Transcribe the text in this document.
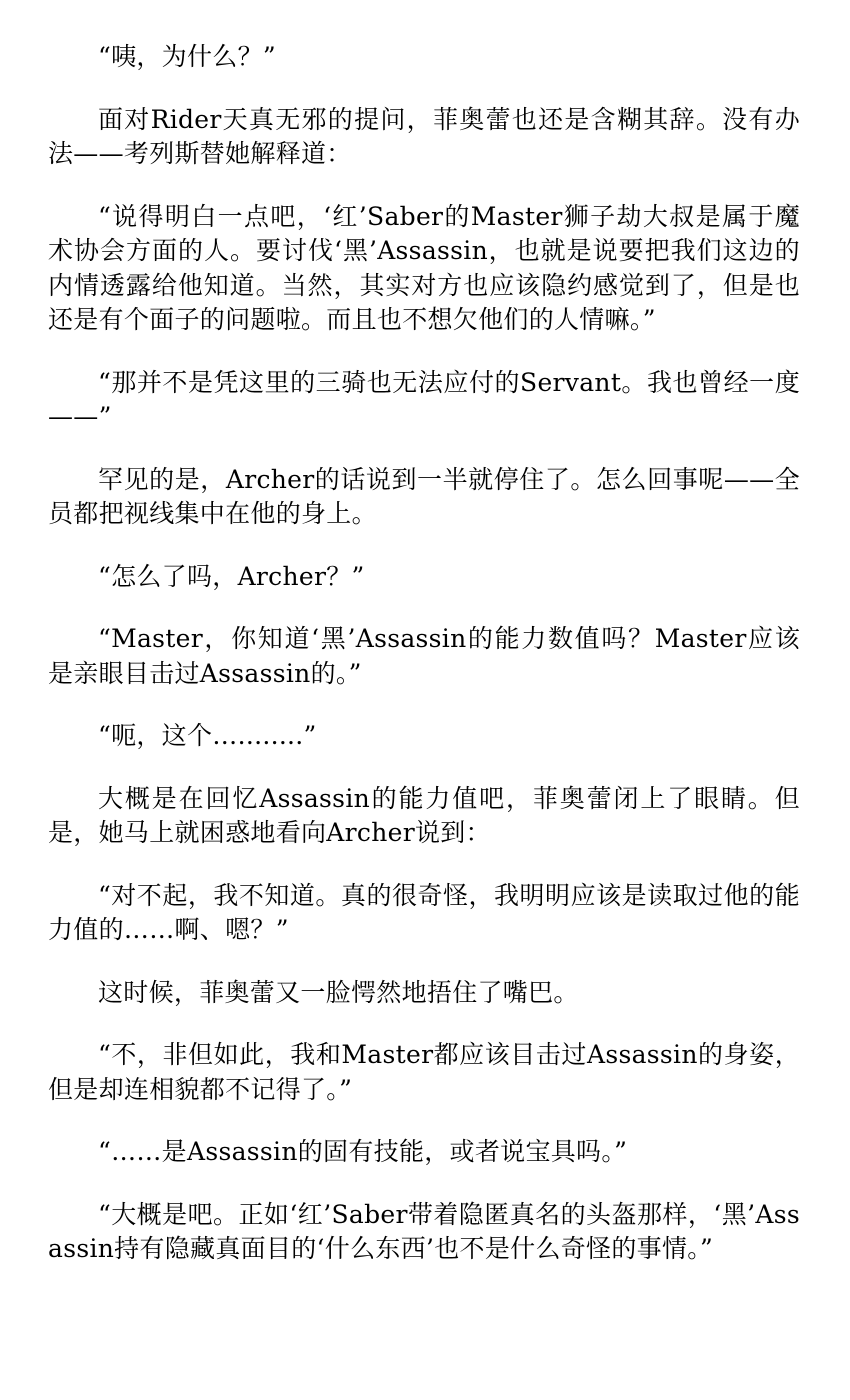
“咦，为什么？”

面对Rider天真无邪的提问，菲奥蕾也还是含糊其辞。没有办法——考列斯替她解释道：

“说得明白一点吧，‘红’Saber的Master狮子劫大叔是属于魔术协会方面的人。要讨伐‘黑’Assassin，也就是说要把我们这边的内情透露给他知道。当然，其实对方也应该隐约感觉到了，但是也还是有个面子的问题啦。而且也不想欠他们的人情嘛。”

“那并不是凭这里的三骑也无法应付的Servant。我也曾经一度——”

罕见的是，Archer的话说到一半就停住了。怎么回事呢——全员都把视线集中在他的身上。

“怎么了吗，Archer？”

“Master，你知道‘黑’Assassin的能力数值吗？Master应该是亲眼目击过Assassin的。”

“呃，这个…........”

大概是在回忆Assassin的能力值吧，菲奥蕾闭上了眼睛。但是，她马上就困惑地看向Archer说到：

“对不起，我不知道。真的很奇怪，我明明应该是读取过他的能力值的……啊、嗯？”

这时候，菲奥蕾又一脸愕然地捂住了嘴巴。

“不，非但如此，我和Master都应该目击过Assassin的身姿，但是却连相貌都不记得了。”

“……是Assassin的固有技能，或者说宝具吗。”

“大概是吧。正如‘红’Saber带着隐匿真名的头盔那样，‘黑’Assassin持有隐藏真面目的‘什么东西’也不是什么奇怪的事情。”
